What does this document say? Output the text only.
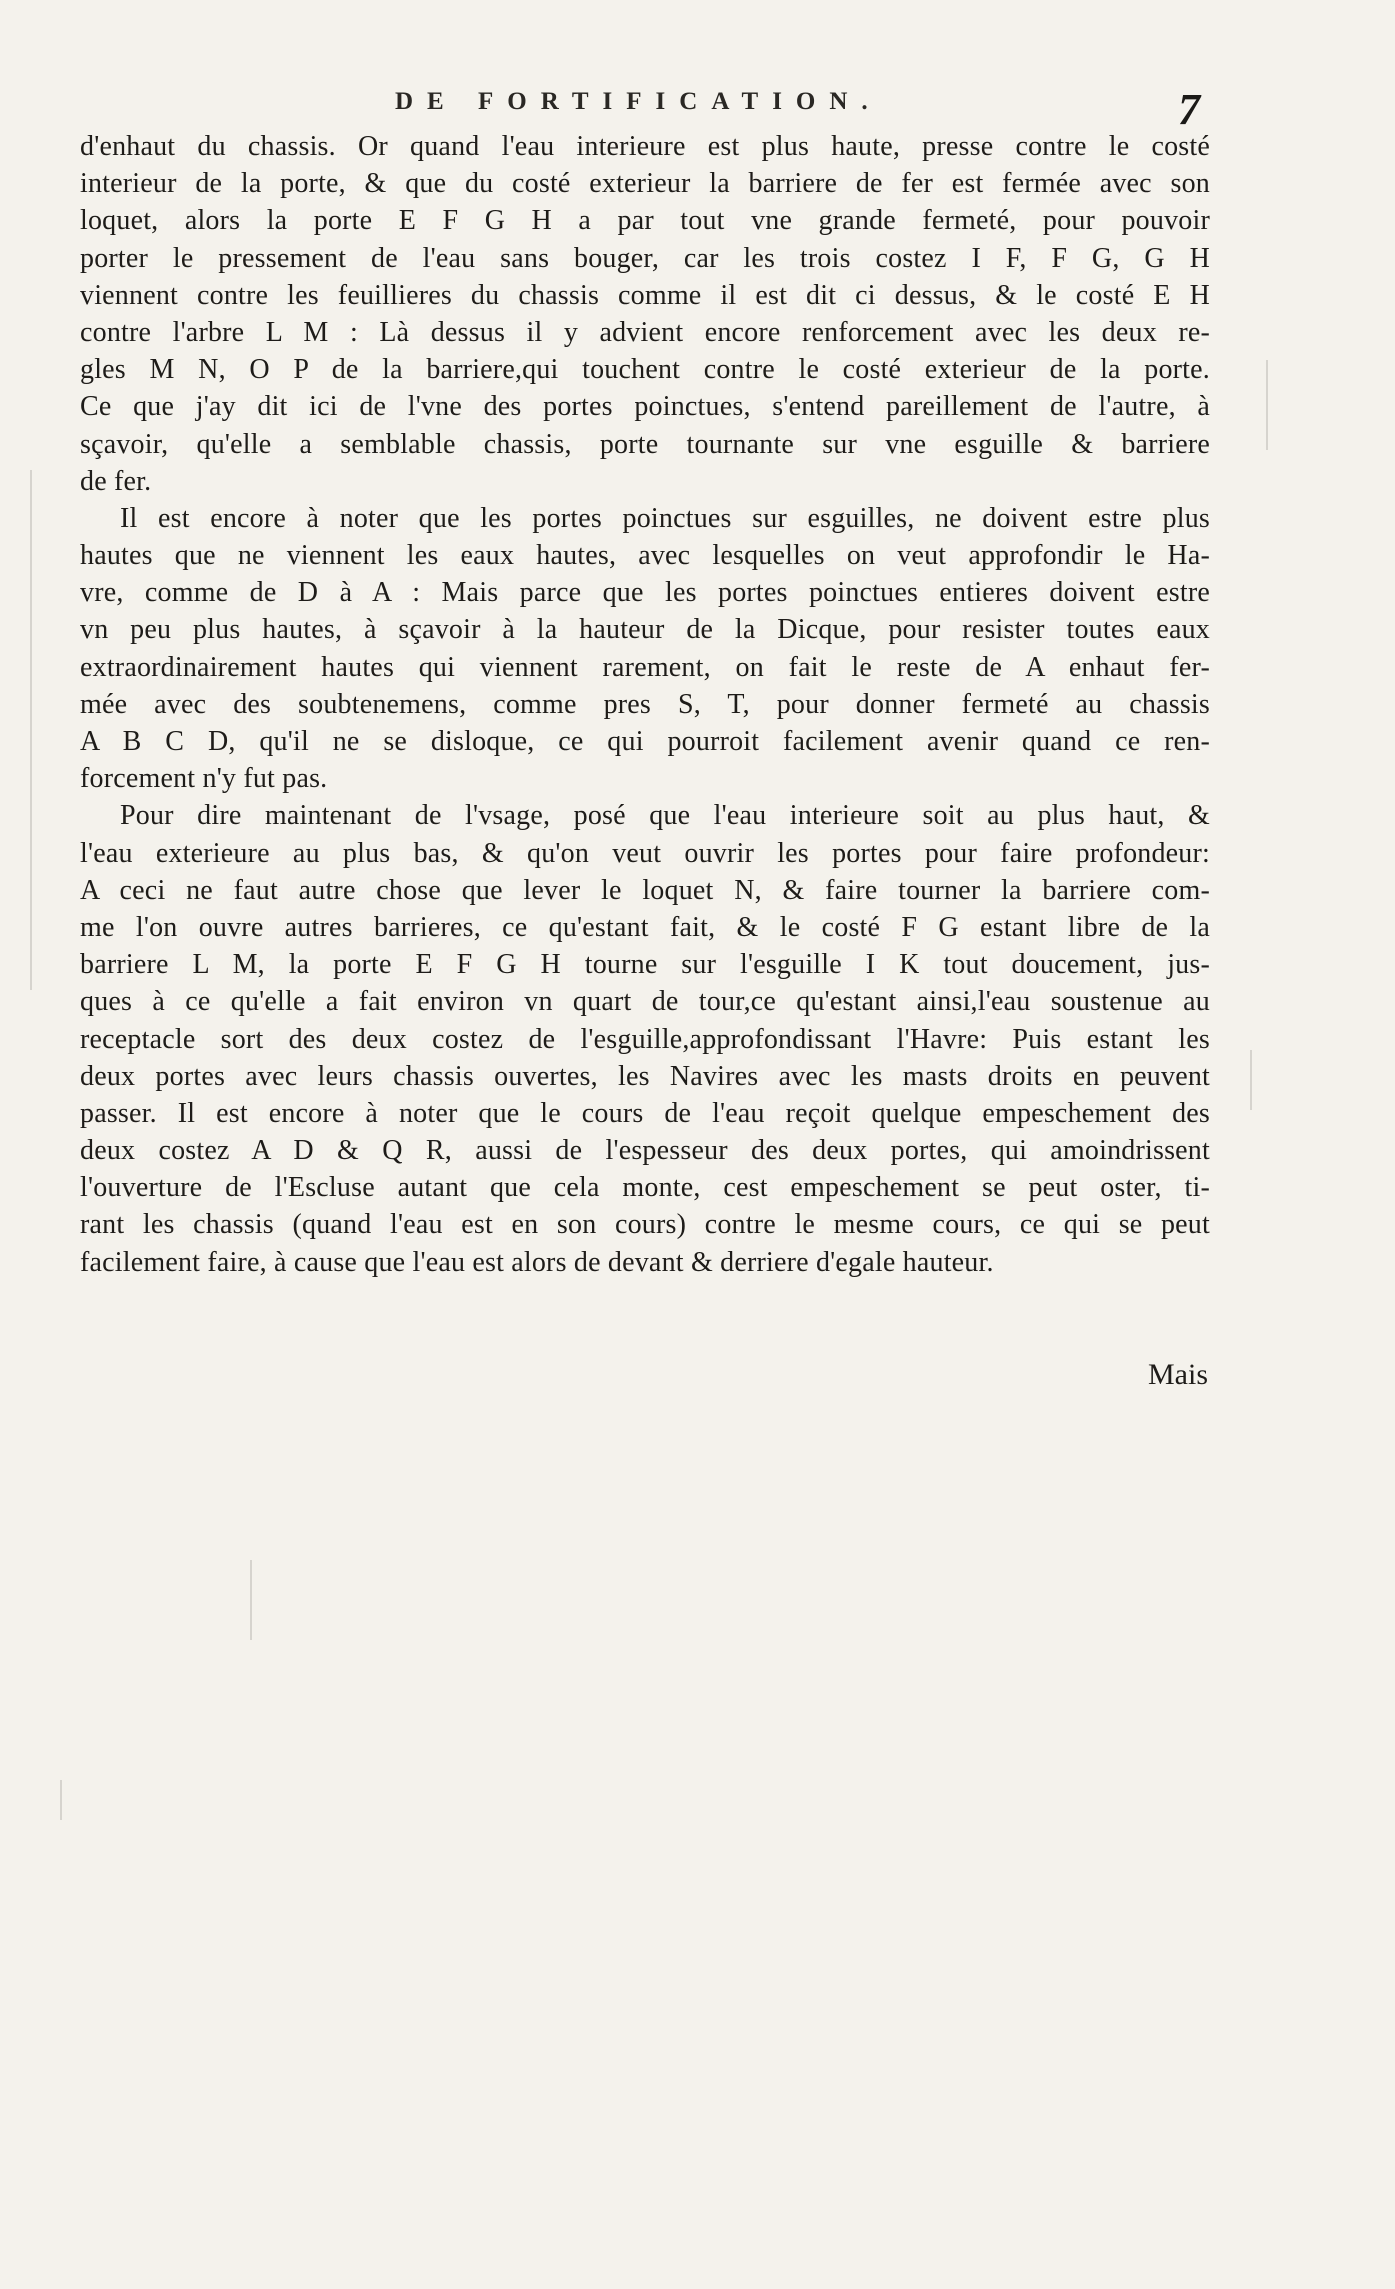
DE FORTIFICATION.	7
d'enhaut du chassis. Or quand l'eau interieure est plus haute, presse contre le costé
interieur de la porte, & que du costé exterieur la barriere de fer est fermée avec son
loquet, alors la porte E F G H a par tout vne grande fermeté, pour pouvoir
porter le pressement de l'eau sans bouger, car les trois costez I F, F G, G H
viennent contre les feuillieres du chassis comme il est dit ci dessus, & le costé E H
contre l'arbre L M : Là dessus il y advient encore renforcement avec les deux re-
gles M N, O P de la barriere,qui touchent contre le costé exterieur de la porte.
Ce que j'ay dit ici de l'vne des portes poinctues, s'entend pareillement de l'autre, à
sçavoir, qu'elle a semblable chassis, porte tournante sur vne esguille & barriere
de fer.
Il est encore à noter que les portes poinctues sur esguilles, ne doivent estre plus
hautes que ne viennent les eaux hautes, avec lesquelles on veut approfondir le Ha-
vre, comme de D à A : Mais parce que les portes poinctues entieres doivent estre
vn peu plus hautes, à sçavoir à la hauteur de la Dicque, pour resister toutes eaux
extraordinairement hautes qui viennent rarement, on fait le reste de A enhaut fer-
mée avec des soubtenemens, comme pres S, T, pour donner fermeté au chassis
A B C D, qu'il ne se disloque, ce qui pourroit facilement avenir quand ce ren-
forcement n'y fut pas.
Pour dire maintenant de l'vsage, posé que l'eau interieure soit au plus haut, &
l'eau exterieure au plus bas, & qu'on veut ouvrir les portes pour faire profondeur:
A ceci ne faut autre chose que lever le loquet N, & faire tourner la barriere com-
me l'on ouvre autres barrieres, ce qu'estant fait, & le costé F G estant libre de la
barriere L M, la porte E F G H tourne sur l'esguille I K tout doucement, jus-
ques à ce qu'elle a fait environ vn quart de tour,ce qu'estant ainsi,l'eau soustenue au
receptacle sort des deux costez de l'esguille,approfondissant l'Havre: Puis estant les
deux portes avec leurs chassis ouvertes, les Navires avec les masts droits en peuvent
passer. Il est encore à noter que le cours de l'eau reçoit quelque empeschement des
deux costez A D & Q R, aussi de l'espesseur des deux portes, qui amoindrissent
l'ouverture de l'Escluse autant que cela monte, cest empeschement se peut oster, ti-
rant les chassis (quand l'eau est en son cours) contre le mesme cours, ce qui se peut
facilement faire, à cause que l'eau est alors de devant & derriere d'egale hauteur.
Mais
